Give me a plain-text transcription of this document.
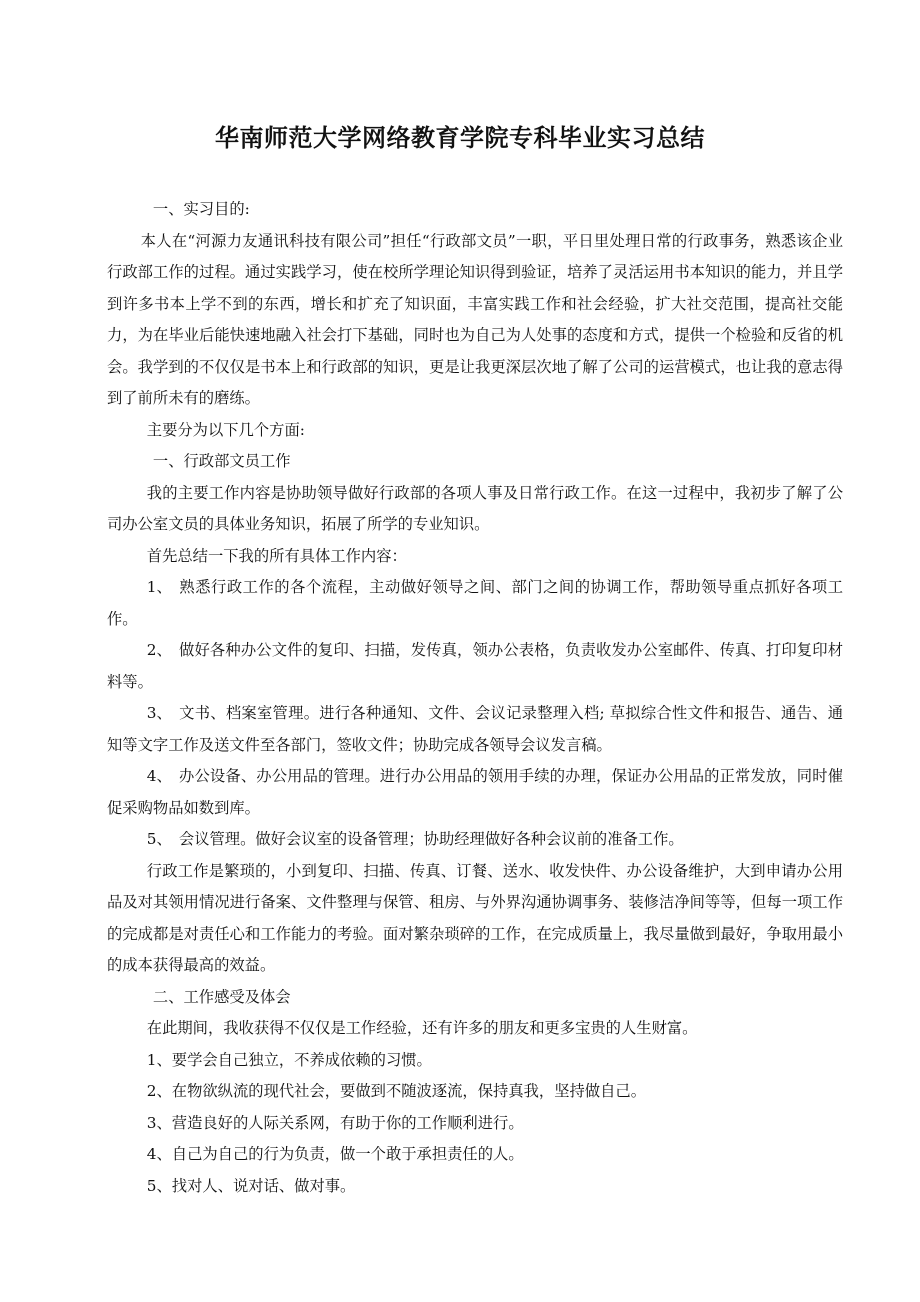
华南师范大学网络教育学院专科毕业实习总结

一、实习目的:

本人在“河源力友通讯科技有限公司”担任“行政部文员”一职，平日里处理日常的行政事务，熟悉该企业行政部工作的过程。通过实践学习，使在校所学理论知识得到验证，培养了灵活运用书本知识的能力，并且学到许多书本上学不到的东西，增长和扩充了知识面，丰富实践工作和社会经验，扩大社交范围，提高社交能力，为在毕业后能快速地融入社会打下基础，同时也为自己为人处事的态度和方式，提供一个检验和反省的机会。我学到的不仅仅是书本上和行政部的知识，更是让我更深层次地了解了公司的运营模式，也让我的意志得到了前所未有的磨练。

主要分为以下几个方面:

一、行政部文员工作

我的主要工作内容是协助领导做好行政部的各项人事及日常行政工作。在这一过程中，我初步了解了公司办公室文员的具体业务知识，拓展了所学的专业知识。

首先总结一下我的所有具体工作内容：

1、 熟悉行政工作的各个流程，主动做好领导之间、部门之间的协调工作，帮助领导重点抓好各项工作。

2、 做好各种办公文件的复印、扫描，发传真，领办公表格，负责收发办公室邮件、传真、打印复印材料等。

3、 文书、档案室管理。进行各种通知、文件、会议记录整理入档; 草拟综合性文件和报告、通告、通知等文字工作及送文件至各部门，签收文件；协助完成各领导会议发言稿。

4、 办公设备、办公用品的管理。进行办公用品的领用手续的办理，保证办公用品的正常发放，同时催促采购物品如数到库。

5、 会议管理。做好会议室的设备管理；协助经理做好各种会议前的准备工作。

行政工作是繁琐的，小到复印、扫描、传真、订餐、送水、收发快件、办公设备维护，大到申请办公用品及对其领用情况进行备案、文件整理与保管、租房、与外界沟通协调事务、装修洁净间等等，但每一项工作的完成都是对责任心和工作能力的考验。面对繁杂琐碎的工作，在完成质量上，我尽量做到最好，争取用最小的成本获得最高的效益。

二、工作感受及体会

在此期间，我收获得不仅仅是工作经验，还有许多的朋友和更多宝贵的人生财富。

1、要学会自己独立，不养成依赖的习惯。

2、在物欲纵流的现代社会，要做到不随波逐流，保持真我，坚持做自己。

3、营造良好的人际关系网，有助于你的工作顺利进行。

4、自己为自己的行为负责，做一个敢于承担责任的人。

5、找对人、说对话、做对事。
